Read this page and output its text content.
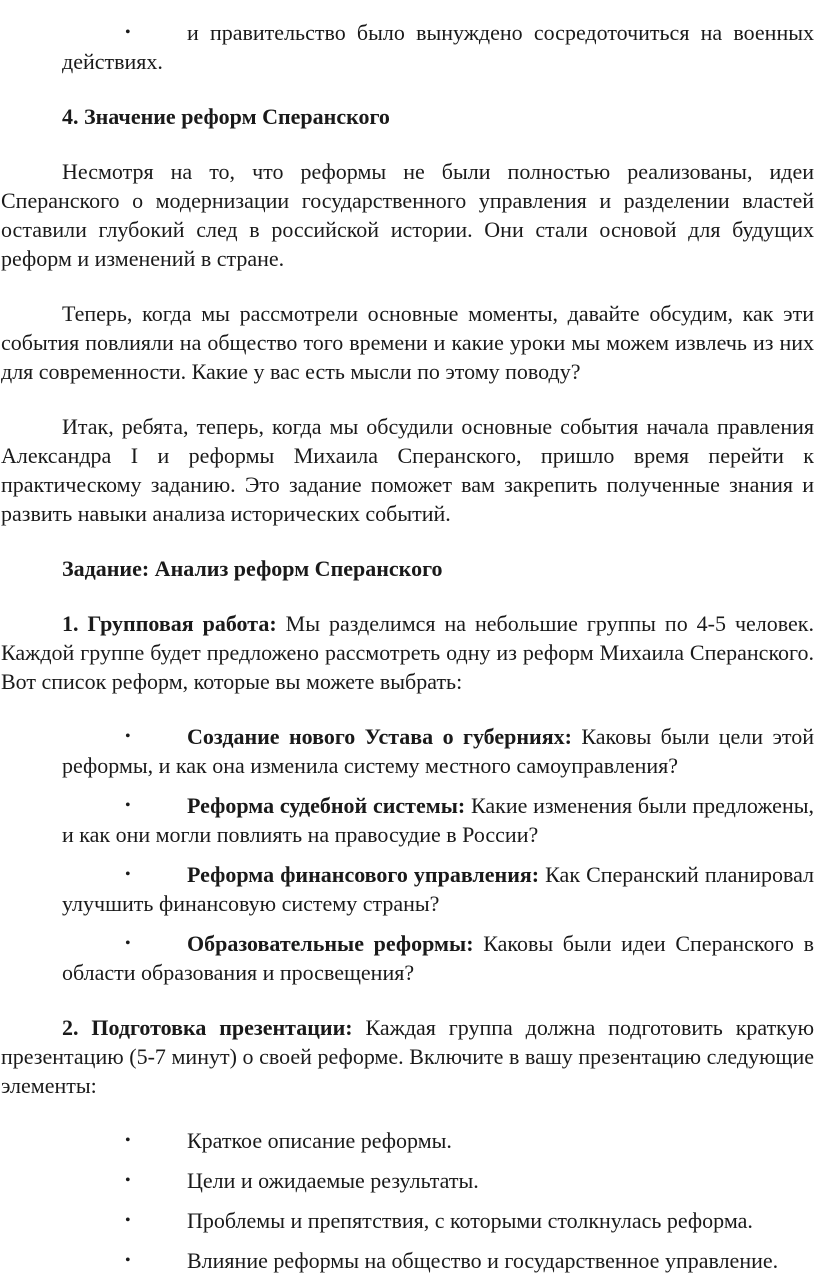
•	и правительство было вынуждено сосредоточиться на военных действиях.

4. Значение реформ Сперанского

Несмотря на то, что реформы не были полностью реализованы, идеи Сперанского о модернизации государственного управления и разделении властей оставили глубокий след в российской истории. Они стали основой для будущих реформ и изменений в стране.

Теперь, когда мы рассмотрели основные моменты, давайте обсудим, как эти события повлияли на общество того времени и какие уроки мы можем извлечь из них для современности. Какие у вас есть мысли по этому поводу?

Итак, ребята, теперь, когда мы обсудили основные события начала правления Александра I и реформы Михаила Сперанского, пришло время перейти к практическому заданию. Это задание поможет вам закрепить полученные знания и развить навыки анализа исторических событий.

Задание: Анализ реформ Сперанского

1. Групповая работа: Мы разделимся на небольшие группы по 4-5 человек. Каждой группе будет предложено рассмотреть одну из реформ Михаила Сперанского. Вот список реформ, которые вы можете выбрать:

•	Создание нового Устава о губерниях: Каковы были цели этой реформы, и как она изменила систему местного самоуправления?

•	Реформа судебной системы: Какие изменения были предложены, и как они могли повлиять на правосудие в России?

•	Реформа финансового управления: Как Сперанский планировал улучшить финансовую систему страны?

•	Образовательные реформы: Каковы были идеи Сперанского в области образования и просвещения?

2. Подготовка презентации: Каждая группа должна подготовить краткую презентацию (5-7 минут) о своей реформе. Включите в вашу презентацию следующие элементы:

•	Краткое описание реформы.

•	Цели и ожидаемые результаты.

•	Проблемы и препятствия, с которыми столкнулась реформа.

•	Влияние реформы на общество и государственное управление.
